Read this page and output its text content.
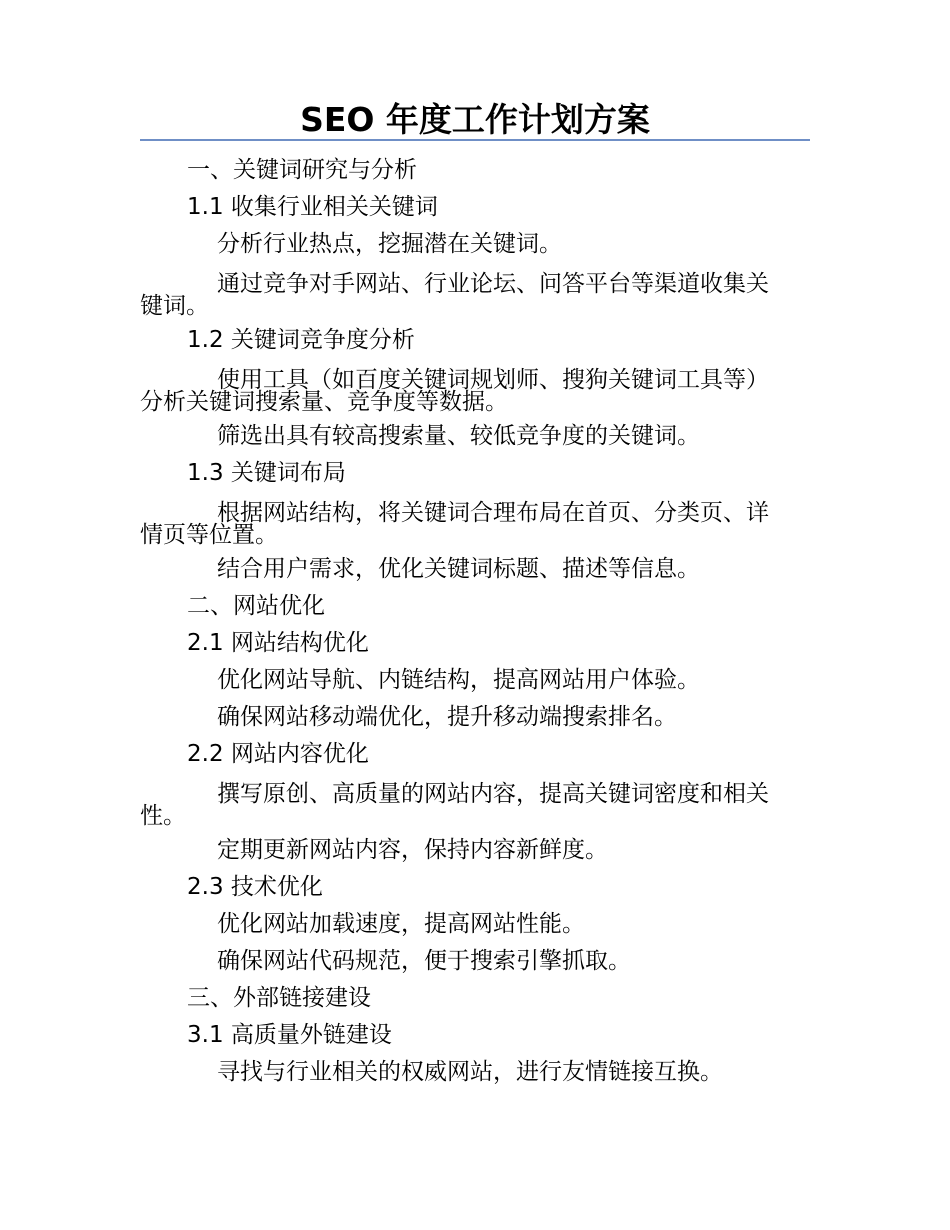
SEO 年度工作计划方案

一、关键词研究与分析

1.1 收集行业相关关键词

分析行业热点，挖掘潜在关键词。

通过竞争对手网站、行业论坛、问答平台等渠道收集关键词。

1.2 关键词竞争度分析

使用工具（如百度关键词规划师、搜狗关键词工具等）分析关键词搜索量、竞争度等数据。

筛选出具有较高搜索量、较低竞争度的关键词。

1.3 关键词布局

根据网站结构，将关键词合理布局在首页、分类页、详情页等位置。

结合用户需求，优化关键词标题、描述等信息。

二、网站优化

2.1 网站结构优化

优化网站导航、内链结构，提高网站用户体验。

确保网站移动端优化，提升移动端搜索排名。

2.2 网站内容优化

撰写原创、高质量的网站内容，提高关键词密度和相关性。

定期更新网站内容，保持内容新鲜度。

2.3 技术优化

优化网站加载速度，提高网站性能。

确保网站代码规范，便于搜索引擎抓取。

三、外部链接建设

3.1 高质量外链建设

寻找与行业相关的权威网站，进行友情链接互换。
